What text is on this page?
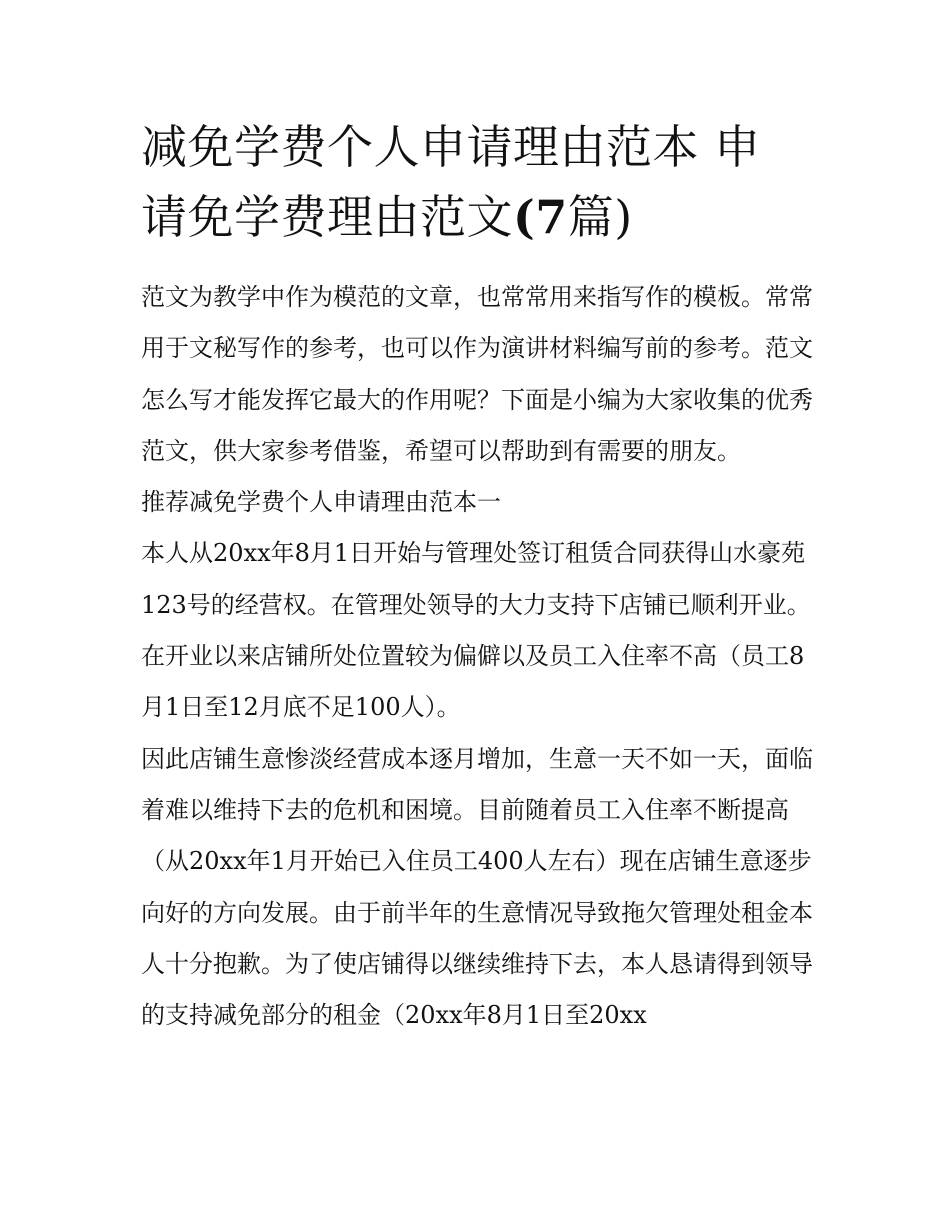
减免学费个人申请理由范本 申
请免学费理由范文(7篇)

范文为教学中作为模范的文章，也常常用来指写作的模板。常常用于文秘写作的参考，也可以作为演讲材料编写前的参考。范文怎么写才能发挥它最大的作用呢？下面是小编为大家收集的优秀范文，供大家参考借鉴，希望可以帮助到有需要的朋友。

推荐减免学费个人申请理由范本一

本人从20xx年8月1日开始与管理处签订租赁合同获得山水豪苑123号的经营权。在管理处领导的大力支持下店铺已顺利开业。在开业以来店铺所处位置较为偏僻以及员工入住率不高（员工8月1日至12月底不足100人）。

因此店铺生意惨淡经营成本逐月增加，生意一天不如一天，面临着难以维持下去的危机和困境。目前随着员工入住率不断提高（从20xx年1月开始已入住员工400人左右）现在店铺生意逐步向好的方向发展。由于前半年的生意情况导致拖欠管理处租金本人十分抱歉。为了使店铺得以继续维持下去，本人恳请得到领导的支持减免部分的租金（20xx年8月1日至20xx
